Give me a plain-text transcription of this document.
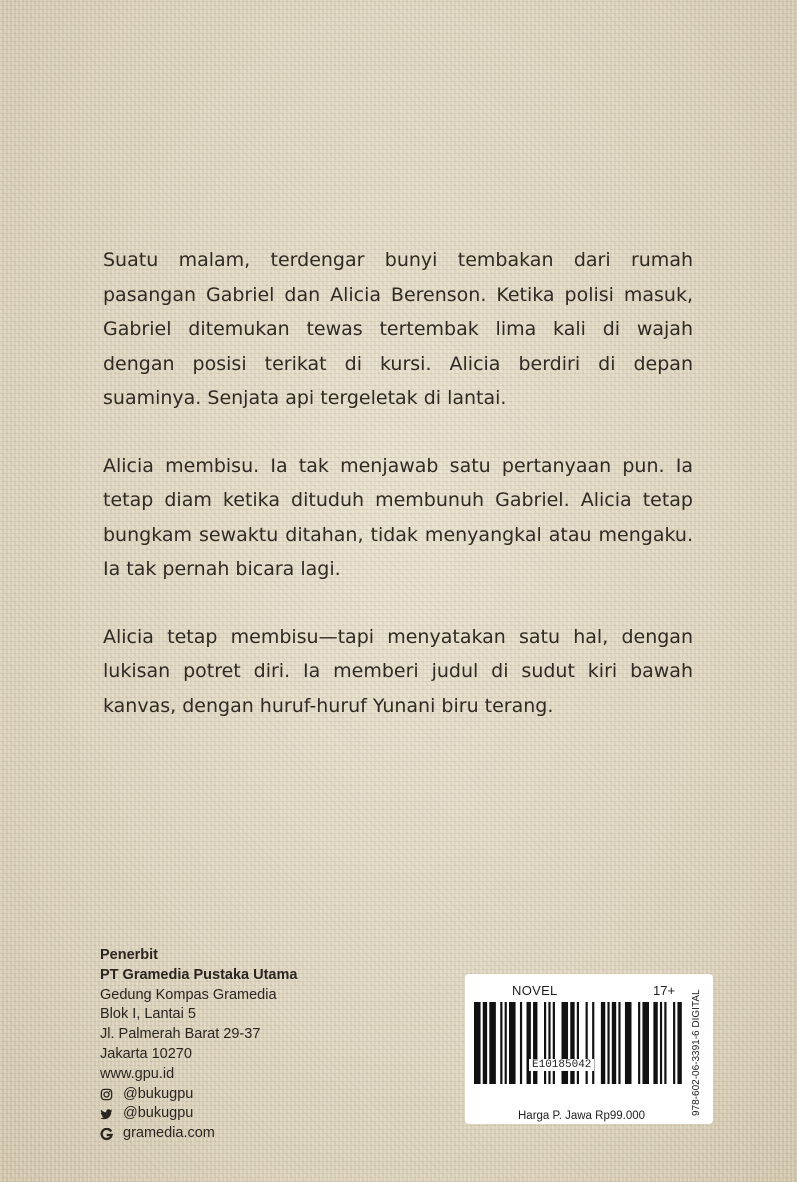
Suatu malam, terdengar bunyi tembakan dari rumah pasangan Gabriel dan Alicia Berenson. Ketika polisi masuk, Gabriel ditemukan tewas tertembak lima kali di wajah dengan posisi terikat di kursi. Alicia berdiri di depan suaminya. Senjata api tergeletak di lantai.

Alicia membisu. Ia tak menjawab satu pertanyaan pun. Ia tetap diam ketika dituduh membunuh Gabriel. Alicia tetap bungkam sewaktu ditahan, tidak menyangkal atau mengaku. Ia tak pernah bicara lagi.

Alicia tetap membisu—tapi menyatakan satu hal, dengan lukisan potret diri. Ia memberi judul di sudut kiri bawah kanvas, dengan huruf-huruf Yunani biru terang.

Penerbit
PT Gramedia Pustaka Utama
Gedung Kompas Gramedia
Blok I, Lantai 5
Jl. Palmerah Barat 29-37
Jakarta 10270
www.gpu.id
@bukugpu
@bukugpu
gramedia.com
NOVEL	17+
E10185042
Harga P. Jawa Rp99.000	978-602-06-3391-6 DIGITAL
